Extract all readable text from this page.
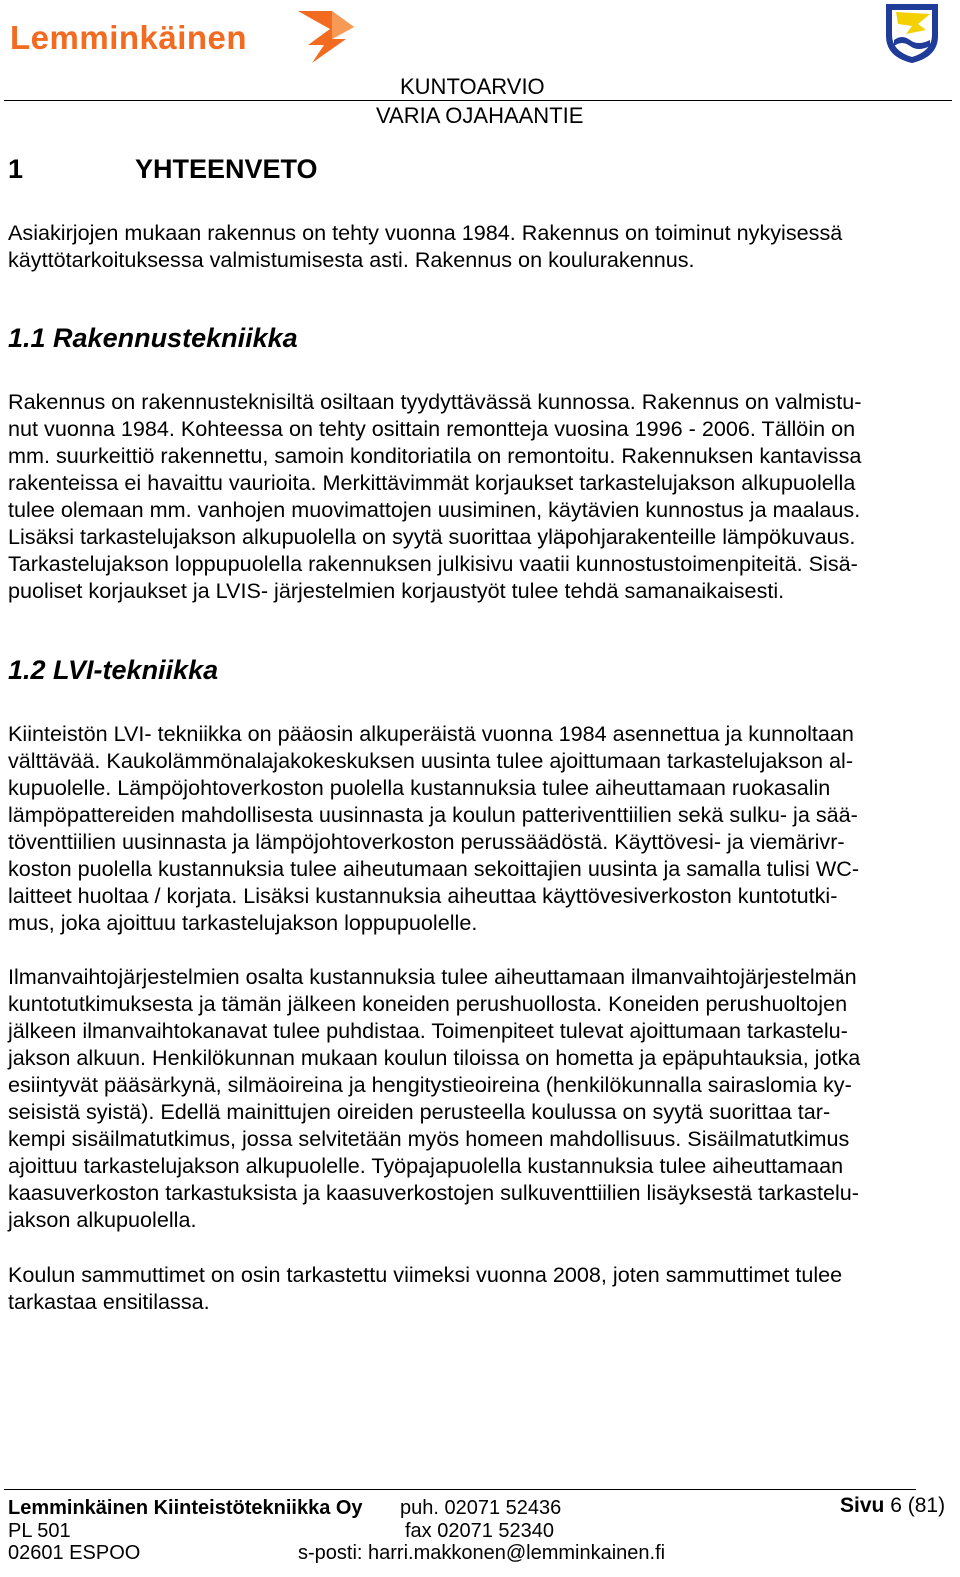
Lemminkäinen
KUNTOARVIO
VARIA OJAHAANTIE
1	YHTEENVETO
Asiakirjojen mukaan rakennus on tehty vuonna 1984. Rakennus on toiminut nykyisessä
käyttötarkoituksessa valmistumisesta asti. Rakennus on koulurakennus.
1.1 Rakennustekniikka
Rakennus on rakennusteknisiltä osiltaan tyydyttävässä kunnossa. Rakennus on valmistu-
nut vuonna 1984. Kohteessa on tehty osittain remontteja vuosina 1996 - 2006. Tällöin on
mm. suurkeittiö rakennettu, samoin konditoriatila on remontoitu. Rakennuksen kantavissa
rakenteissa ei havaittu vaurioita. Merkittävimmät korjaukset tarkastelujakson alkupuolella
tulee olemaan mm. vanhojen muovimattojen uusiminen, käytävien kunnostus ja maalaus.
Lisäksi tarkastelujakson alkupuolella on syytä suorittaa yläpohjarakenteille lämpökuvaus.
Tarkastelujakson loppupuolella rakennuksen julkisivu vaatii kunnostustoimenpiteitä. Sisä-
puoliset korjaukset ja LVIS- järjestelmien korjaustyöt tulee tehdä samanaikaisesti.
1.2 LVI-tekniikka
Kiinteistön LVI- tekniikka on pääosin alkuperäistä vuonna 1984 asennettua ja kunnoltaan
välttävää. Kaukolämmönalajakokeskuksen uusinta tulee ajoittumaan tarkastelujakson al-
kupuolelle. Lämpöjohtoverkoston puolella kustannuksia tulee aiheuttamaan ruokasalin
lämpöpattereiden mahdollisesta uusinnasta ja koulun patteriventtiilien sekä sulku- ja sää-
töventtiilien uusinnasta ja lämpöjohtoverkoston perussäädöstä. Käyttövesi- ja viemärivr-
koston puolella kustannuksia tulee aiheutumaan sekoittajien uusinta ja samalla tulisi WC-
laitteet huoltaa / korjata. Lisäksi kustannuksia aiheuttaa käyttövesiverkoston kuntotutki-
mus, joka ajoittuu tarkastelujakson loppupuolelle.
Ilmanvaihtojärjestelmien osalta kustannuksia tulee aiheuttamaan ilmanvaihtojärjestelmän
kuntotutkimuksesta ja tämän jälkeen koneiden perushuollosta. Koneiden perushuoltojen
jälkeen ilmanvaihtokanavat tulee puhdistaa. Toimenpiteet tulevat ajoittumaan tarkastelu-
jakson alkuun. Henkilökunnan mukaan koulun tiloissa on hometta ja epäpuhtauksia, jotka
esiintyvät pääsärkynä, silmäoireina ja hengitystieoireina (henkilökunnalla sairaslomia ky-
seisistä syistä). Edellä mainittujen oireiden perusteella koulussa on syytä suorittaa tar-
kempi sisäilmatutkimus, jossa selvitetään myös homeen mahdollisuus. Sisäilmatutkimus
ajoittuu tarkastelujakson alkupuolelle. Työpajapuolella kustannuksia tulee aiheuttamaan
kaasuverkoston tarkastuksista ja kaasuverkostojen sulkuventtiilien lisäyksestä tarkastelu-
jakson alkupuolella.
Koulun sammuttimet on osin tarkastettu viimeksi vuonna 2008, joten sammuttimet tulee
tarkastaa ensitilassa.
Lemminkäinen Kiinteistötekniikka Oy
PL 501
02601 ESPOO
puh. 02071 52436
fax 02071 52340
s-posti: harri.makkonen@lemminkainen.fi
Sivu 6 (81)
